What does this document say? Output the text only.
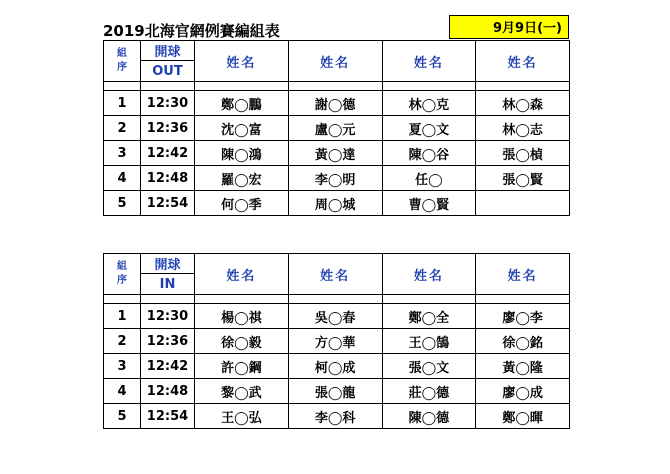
2019北海官網例賽編組表	9月9日(一)
組
序	開球	姓名	姓名	姓名	姓名
	OUT				

1	12:30	鄭◯鵬	謝◯德	林◯克	林◯森
2	12:36	沈◯富	盧◯元	夏◯文	林◯志
3	12:42	陳◯鴻	黃◯達	陳◯谷	張◯楨
4	12:48	羅◯宏	李◯明	任◯	張◯賢
5	12:54	何◯季	周◯城	曹◯賢	
組
序	開球	姓名	姓名	姓名	姓名
	IN				

1	12:30	楊◯祺	吳◯春	鄭◯全	廖◯李
2	12:36	徐◯毅	方◯華	王◯鵠	徐◯銘
3	12:42	許◯鋼	柯◯成	張◯文	黃◯隆
4	12:48	黎◯武	張◯龍	莊◯德	廖◯成
5	12:54	王◯弘	李◯科	陳◯德	鄭◯暉
